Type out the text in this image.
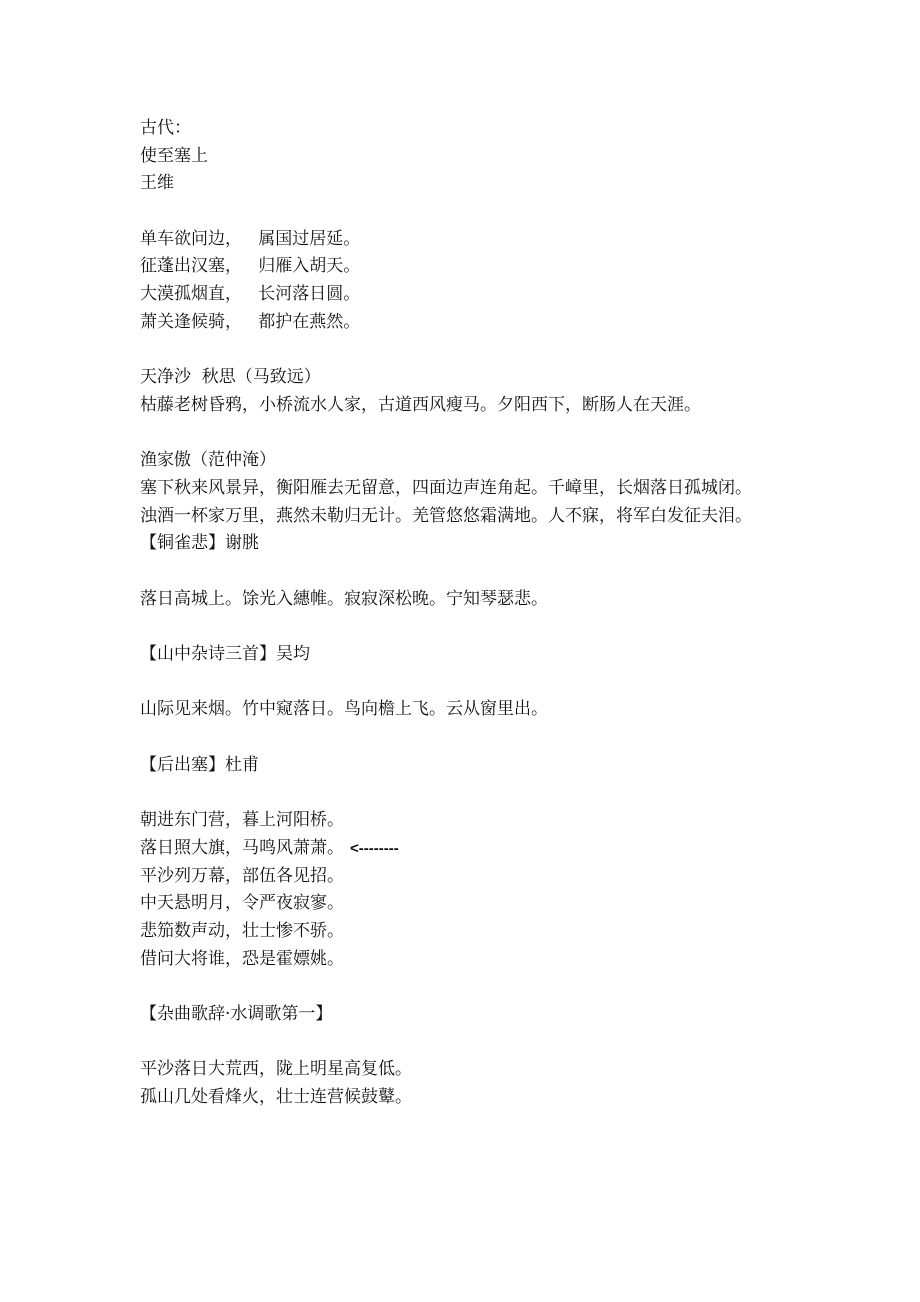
古代：
使至塞上
王维
单车欲问边，   属国过居延。
征蓬出汉塞，   归雁入胡天。
大漠孤烟直，   长河落日圆。
萧关逢候骑，   都护在燕然。
天净沙  秋思（马致远）
枯藤老树昏鸦，小桥流水人家，古道西风瘦马。夕阳西下，断肠人在天涯。
渔家傲（范仲淹）
塞下秋来风景异，衡阳雁去无留意，四面边声连角起。千嶂里，长烟落日孤城闭。
浊酒一杯家万里，燕然未勒归无计。羌管悠悠霜满地。人不寐，将军白发征夫泪。
【铜雀悲】谢朓
落日高城上。馀光入繐帷。寂寂深松晚。宁知琴瑟悲。
【山中杂诗三首】吴均
山际见来烟。竹中窥落日。鸟向檐上飞。云从窗里出。
【后出塞】杜甫
朝进东门营，暮上河阳桥。
落日照大旗，马鸣风萧萧。 <--------
平沙列万幕，部伍各见招。
中天悬明月，令严夜寂寥。
悲笳数声动，壮士惨不骄。
借问大将谁，恐是霍嫖姚。
【杂曲歌辞·水调歌第一】
平沙落日大荒西，陇上明星高复低。
孤山几处看烽火，壮士连营候鼓鼙。
